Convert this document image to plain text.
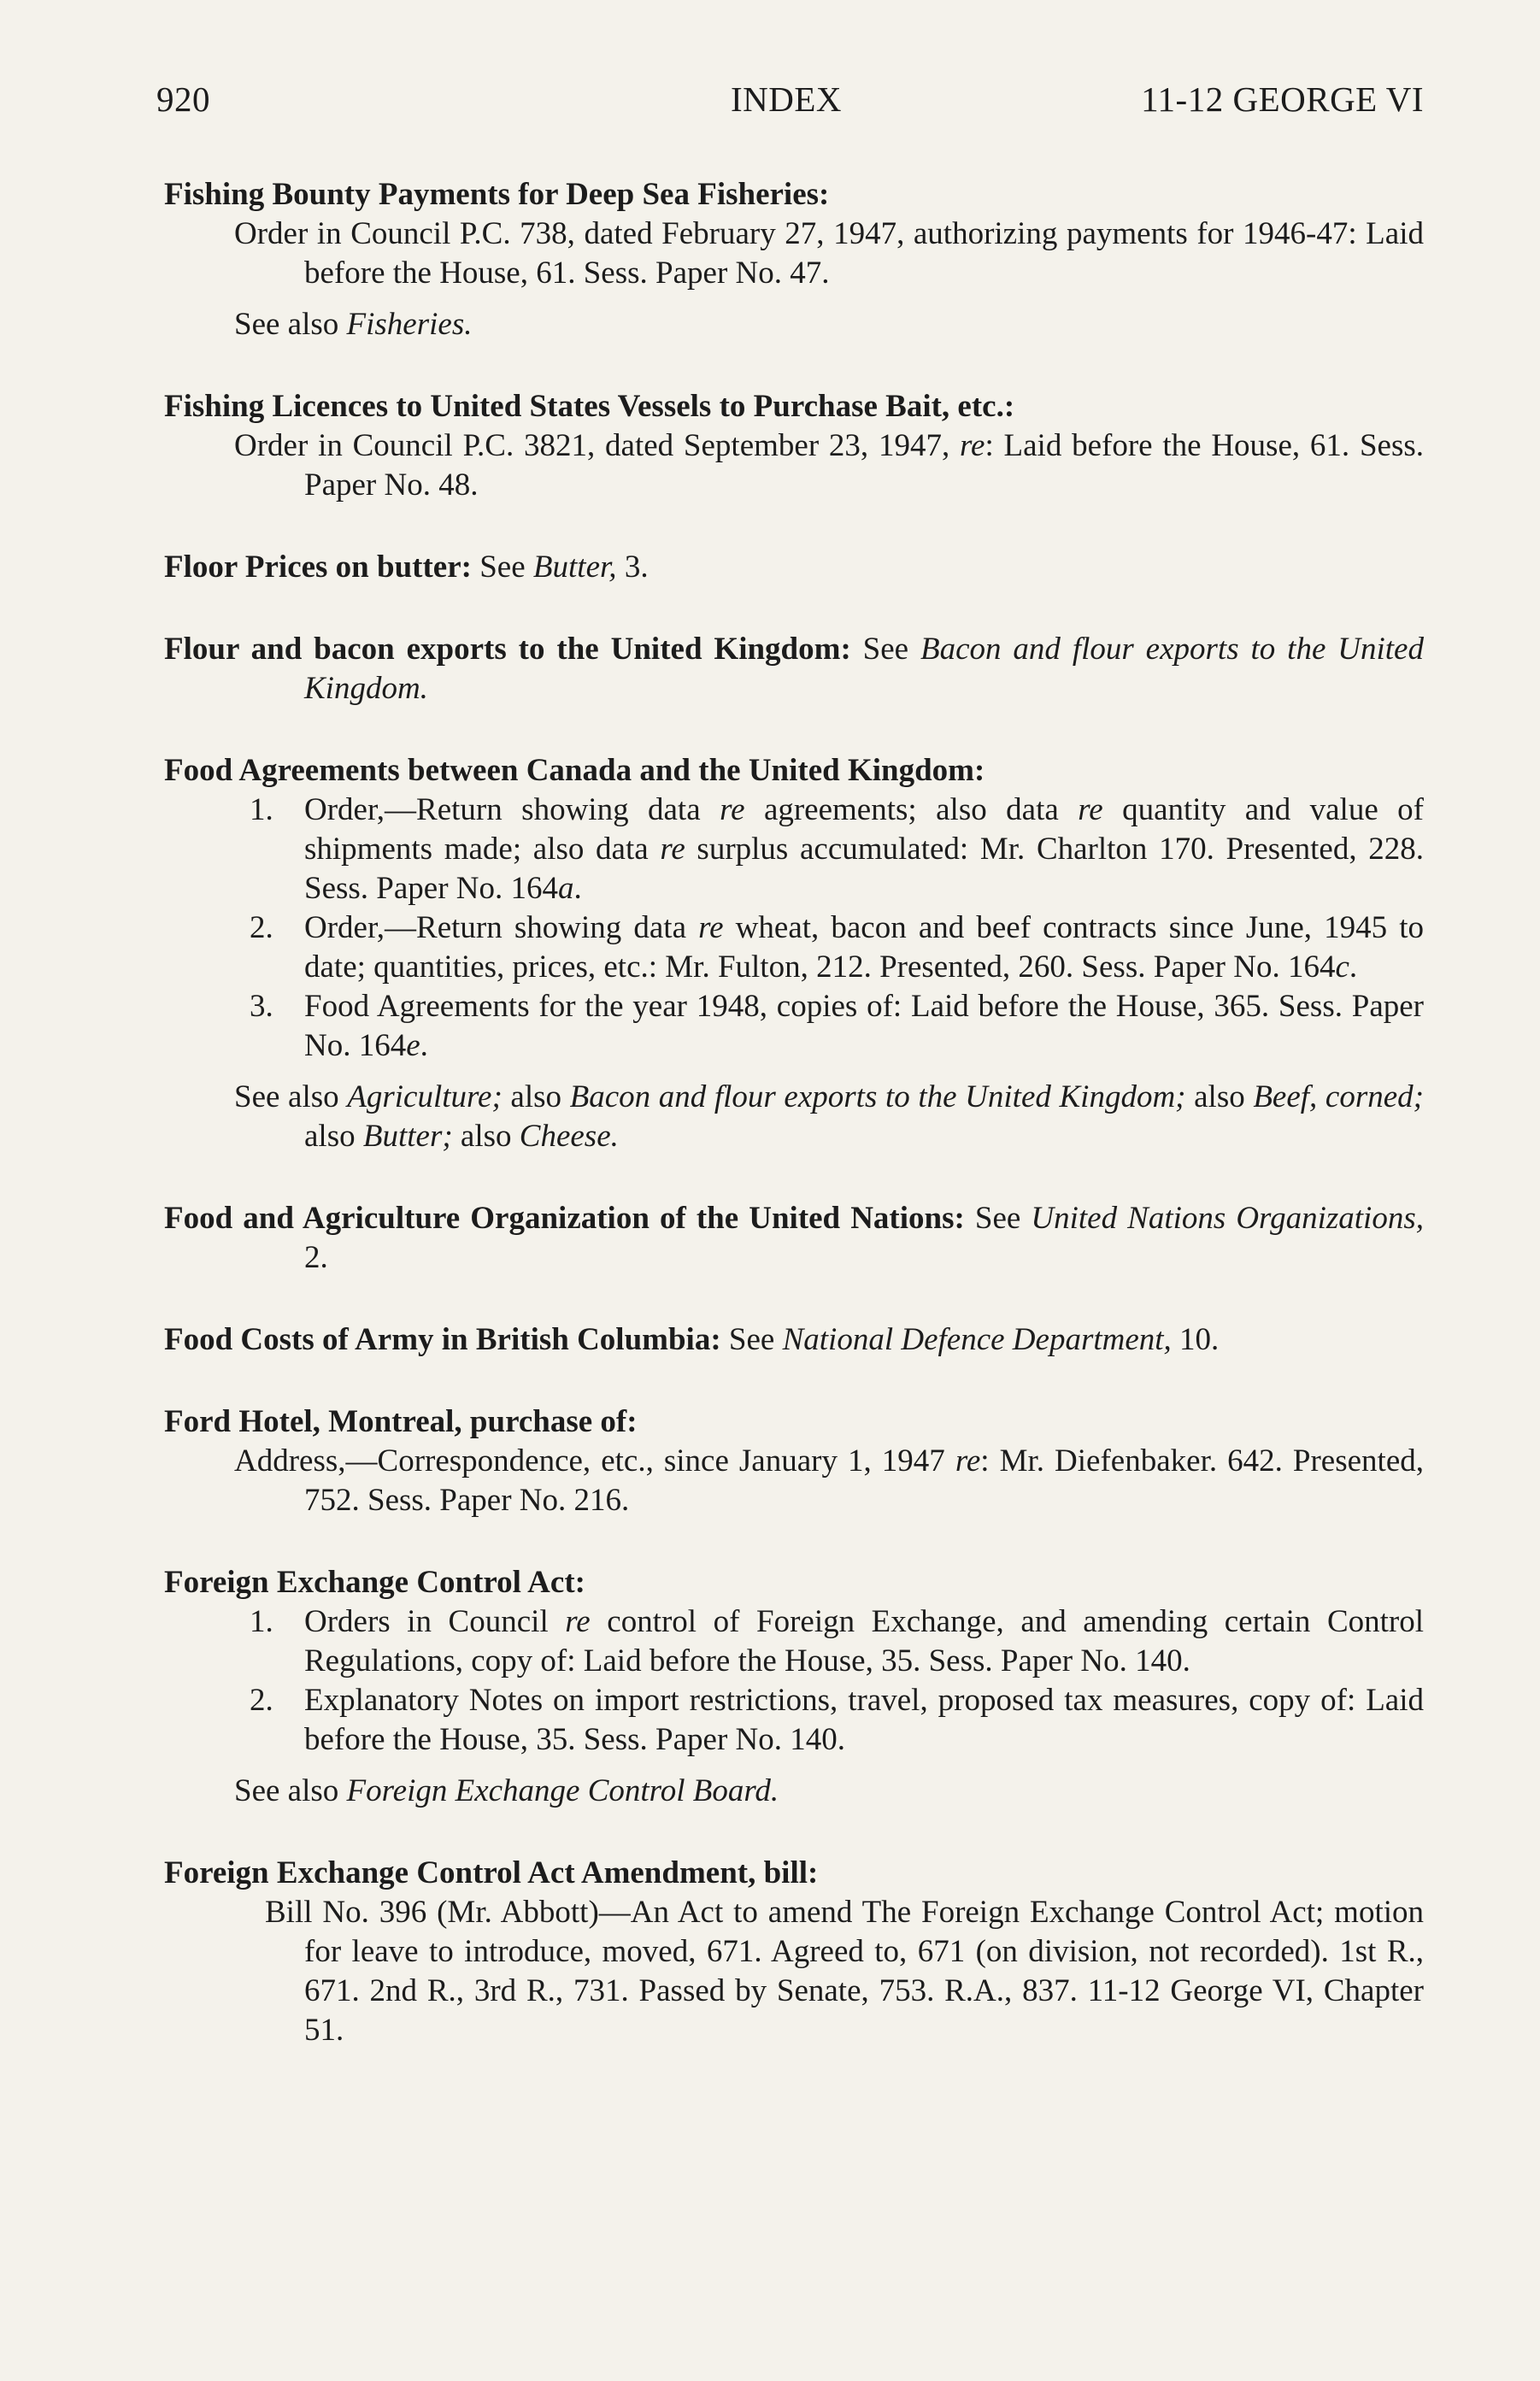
920	INDEX	11-12 GEORGE VI

Fishing Bounty Payments for Deep Sea Fisheries:

Order in Council P.C. 738, dated February 27, 1947, authorizing payments for 1946-47: Laid before the House, 61. Sess. Paper No. 47.

See also Fisheries.

Fishing Licences to United States Vessels to Purchase Bait, etc.:

Order in Council P.C. 3821, dated September 23, 1947, re: Laid before the House, 61. Sess. Paper No. 48.

Floor Prices on butter: See Butter, 3.

Flour and bacon exports to the United Kingdom: See Bacon and flour exports to the United Kingdom.

Food Agreements between Canada and the United Kingdom:

1. Order,—Return showing data re agreements; also data re quantity and value of shipments made; also data re surplus accumulated: Mr. Charlton 170. Presented, 228. Sess. Paper No. 164a.

2. Order,—Return showing data re wheat, bacon and beef contracts since June, 1945 to date; quantities, prices, etc.: Mr. Fulton, 212. Presented, 260. Sess. Paper No. 164c.

3. Food Agreements for the year 1948, copies of: Laid before the House, 365. Sess. Paper No. 164e.

See also Agriculture; also Bacon and flour exports to the United Kingdom; also Beef, corned; also Butter; also Cheese.

Food and Agriculture Organization of the United Nations: See United Nations Organizations, 2.

Food Costs of Army in British Columbia: See National Defence Department, 10.

Ford Hotel, Montreal, purchase of:

Address,—Correspondence, etc., since January 1, 1947 re: Mr. Diefenbaker. 642. Presented, 752. Sess. Paper No. 216.

Foreign Exchange Control Act:

1. Orders in Council re control of Foreign Exchange, and amending certain Control Regulations, copy of: Laid before the House, 35. Sess. Paper No. 140.

2. Explanatory Notes on import restrictions, travel, proposed tax measures, copy of: Laid before the House, 35. Sess. Paper No. 140.

See also Foreign Exchange Control Board.

Foreign Exchange Control Act Amendment, bill:

Bill No. 396 (Mr. Abbott)—An Act to amend The Foreign Exchange Control Act; motion for leave to introduce, moved, 671. Agreed to, 671 (on division, not recorded). 1st R., 671. 2nd R., 3rd R., 731. Passed by Senate, 753. R.A., 837. 11-12 George VI, Chapter 51.
